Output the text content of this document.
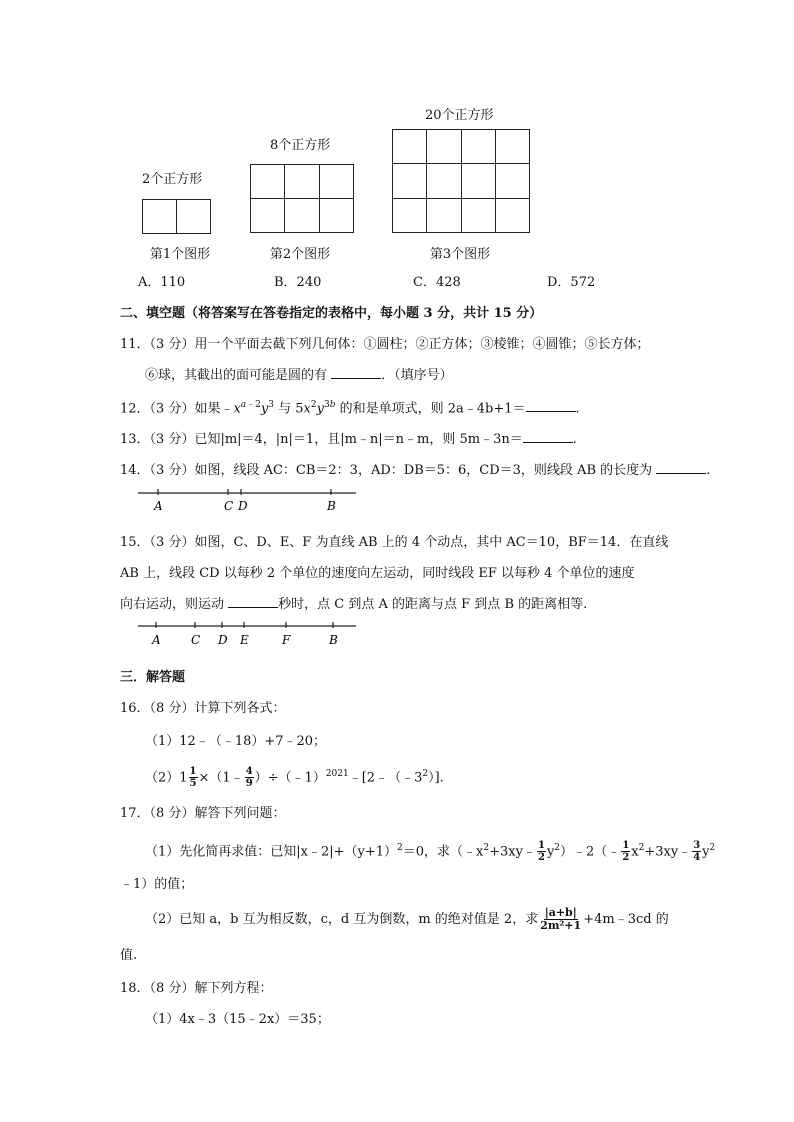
2个正方形

第1个图形
8个正方形

第2个图形
20个正方形

第3个图形
A．110	B．240	C．428	D．572
二、填空题（将答案写在答卷指定的表格中，每小题 3 分，共计 15 分）
11．（3 分）用一个平面去截下列几何体：①圆柱；②正方体；③棱锥；④圆锥；⑤长方体；
⑥球，其截出的面可能是圆的有	．（填序号）
12．（3 分）如果$﹣x^{a﹣2}y^3$ 与 $5x^2y^{3b}$ 的和是单项式，则 2a﹣4b+1＝	.
13．（3 分）已知|m|＝4，|n|＝1，且|m﹣n|＝n﹣m，则 5m﹣3n＝	.
14．（3 分）如图，线段 AC：CB＝2：3，AD：DB＝5：6，CD＝3，则线段 AB 的长度为	.
A	C D	B
15．（3 分）如图，C、D、E、F 为直线 AB 上的 4 个动点，其中 AC＝10，BF＝14．在直线
AB 上，线段 CD 以每秒 2 个单位的速度向左运动，同时线段 EF 以每秒 4 个单位的速度
向右运动，则运动	秒时，点 C 到点 A 的距离与点 F 到点 B 的距离相等.
A	C D E	F	B
三．解答题
16．（8 分）计算下列各式：
（1）12﹣（﹣18）+7﹣20；
$(2)1 \frac{1}{5}$ ×（1﹣ $\frac{4}{9}$ ）$\div(﹣1)^{2021}﹣[2﹣(﹣3^2)]$.
17．（8 分）解答下列问题：
（1）先化简再求值：已知$|x﹣2|+(y+1)^2=0$，求（$﹣x^2+3xy﹣ \frac{1}{2}$ $y^2)﹣2(﹣ \frac{1}{2}$ $x^2+3xy﹣ \frac{3}{4} y^2$
﹣1）的值；
（2）已知 a，b 互为相反数，c，d 互为倒数，m 的绝对值是 2，求 $\frac{|a+b|}{\text{2m²+1}}$ +4m﹣3cd 的
值.
18．（8 分）解下列方程：
（1）4x﹣3（15﹣2x）＝35；
